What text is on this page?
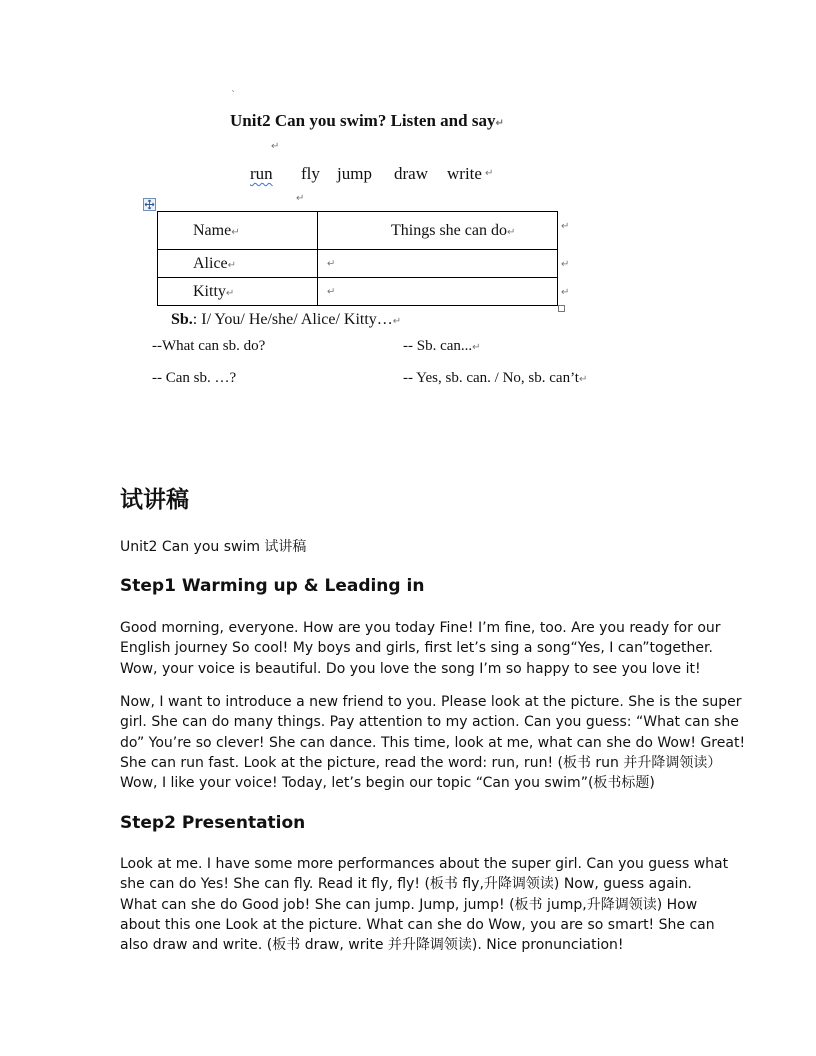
`
Unit2 Can you swim? Listen and say↵
↵
run fly jump draw write ↵
↵
Name↵	Things she can do↵

Alice↵	↵

Kitty↵	↵
↵
↵
↵
Sb.: I/ You/ He/she/ Alice/ Kitty…↵
--What can sb. do?	-- Sb. can...↵
-- Can sb. …?	-- Yes, sb. can. / No, sb. can’t↵
试讲稿
Unit2 Can you swim 试讲稿
Step1 Warming up & Leading in
Good morning, everyone. How are you today Fine! I’m fine, too. Are you ready for our
English journey So cool! My boys and girls, first let’s sing a song“Yes, I can”together.
Wow, your voice is beautiful. Do you love the song I’m so happy to see you love it!
Now, I want to introduce a new friend to you. Please look at the picture. She is the super
girl. She can do many things. Pay attention to my action. Can you guess: “What can she
do” You’re so clever! She can dance. This time, look at me, what can she do Wow! Great!
She can run fast. Look at the picture, read the word: run, run! (板书 run 并升降调领读）
Wow, I like your voice! Today, let’s begin our topic “Can you swim”(板书标题)
Step2 Presentation
Look at me. I have some more performances about the super girl. Can you guess what
she can do Yes! She can fly. Read it fly, fly! (板书 fly,升降调领读) Now, guess again.
What can she do Good job! She can jump. Jump, jump! (板书 jump,升降调领读) How
about this one Look at the picture. What can she do Wow, you are so smart! She can
also draw and write. (板书 draw, write 并升降调领读). Nice pronunciation!
